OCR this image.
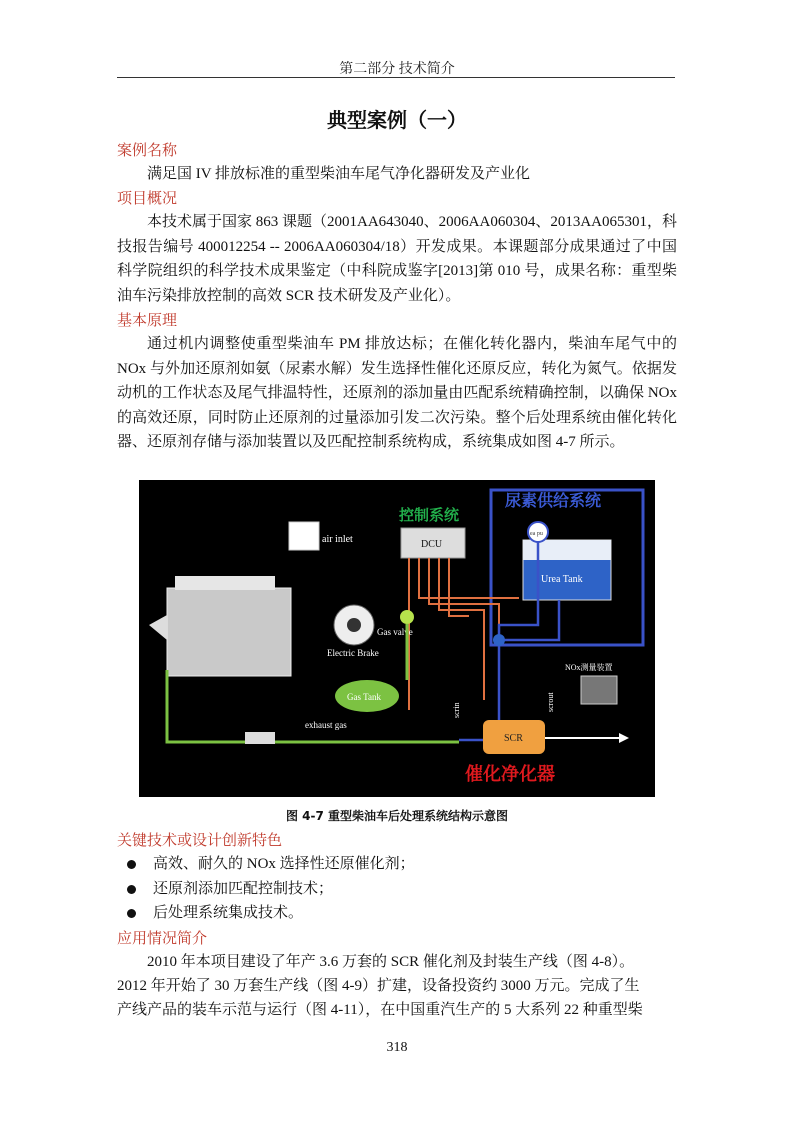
第二部分 技术简介
典型案例（一）
案例名称
满足国 IV 排放标准的重型柴油车尾气净化器研发及产业化
项目概况

本技术属于国家 863 课题（2001AA643040、2006AA060304、2013AA065301，科技报告编号 400012254 -- 2006AA060304/18）开发成果。本课题部分成果通过了中国科学院组织的科学技术成果鉴定（中科院成鉴字[2013]第 010 号，成果名称：重型柴油车污染排放控制的高效 SCR 技术研发及产业化）。

基本原理

通过机内调整使重型柴油车 PM 排放达标；在催化转化器内，柴油车尾气中的 NOx 与外加还原剂如氨（尿素水解）发生选择性催化还原反应，转化为氮气。依据发动机的工作状态及尾气排温特性，还原剂的添加量由匹配系统精确控制，以确保 NOx 的高效还原，同时防止还原剂的过量添加引发二次污染。整个后处理系统由催化转化器、还原剂存储与添加装置以及匹配控制系统构成，系统集成如图 4-7 所示。

尿素供给系统
控制系统
Urea Tank
ea pu
DCU
air inlet
Electric Brake
Gas valve
Gas Tank
exhaust gas
SCR
scrin	scrout
NOx测量装置
催化净化器
图 4-7 重型柴油车后处理系统结构示意图
关键技术或设计创新特色
高效、耐久的 NOx 选择性还原催化剂；
还原剂添加匹配控制技术；
后处理系统集成技术。
应用情况简介
2010 年本项目建设了年产 3.6 万套的 SCR 催化剂及封装生产线（图 4-8）。
2012 年开始了 30 万套生产线（图 4-9）扩建，设备投资约 3000 万元。完成了生
产线产品的装车示范与运行（图 4-11），在中国重汽生产的 5 大系列 22 种重型柴
318
